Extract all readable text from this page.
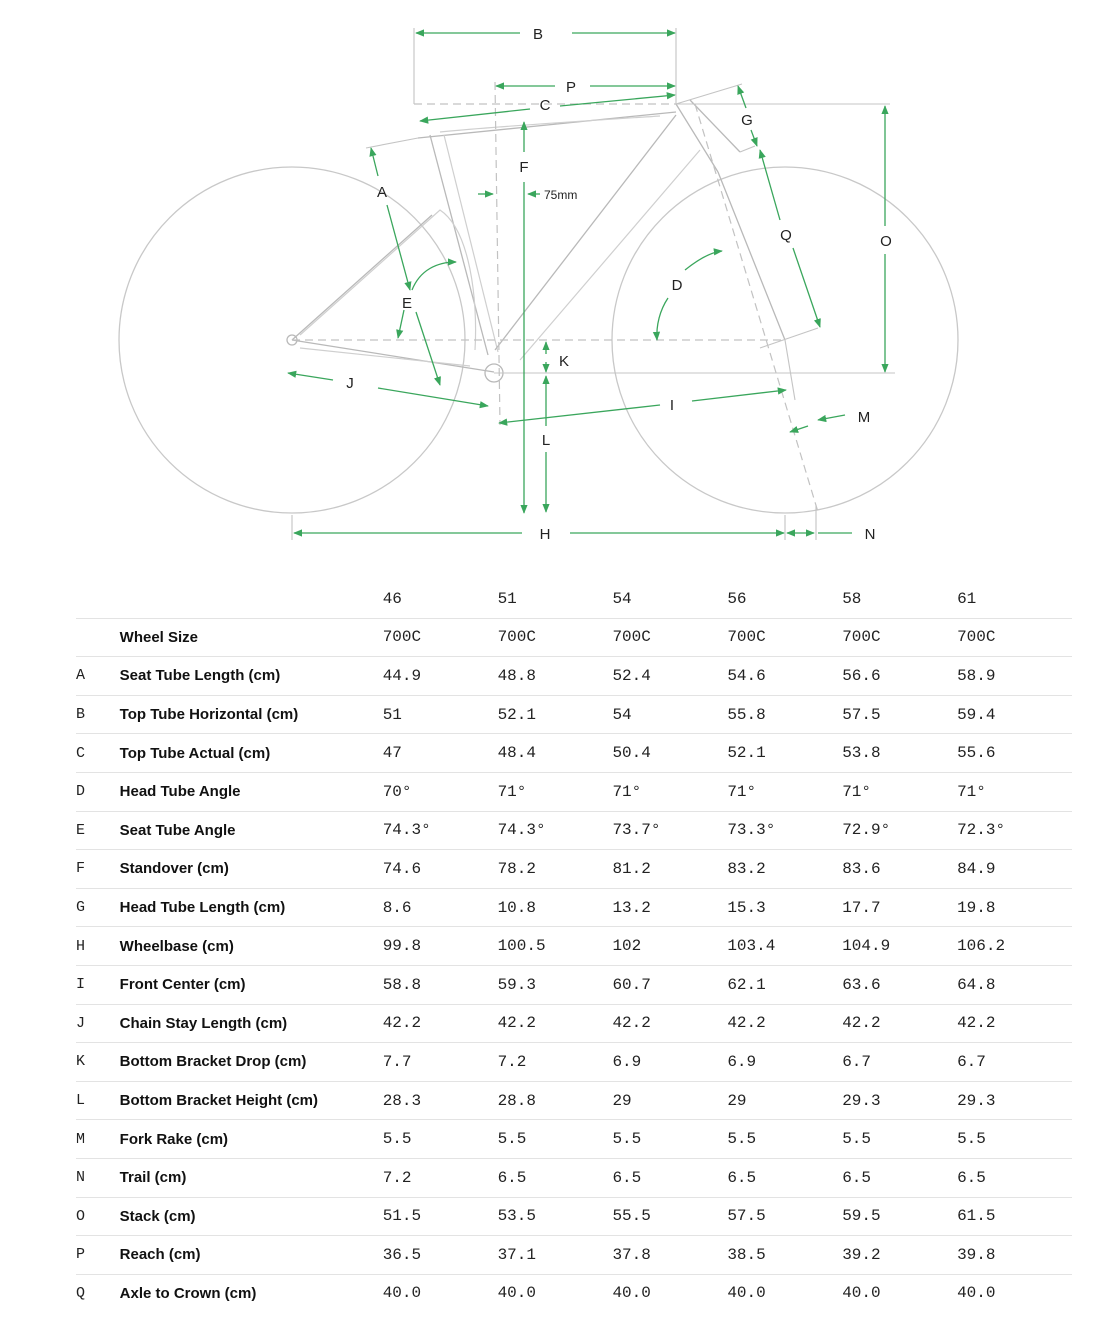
B
P
C
F
75mm
A
E
G
Q	O
D
K
J
I
M
L
H	N
		46	51	54	56	58	61
	Wheel Size	700C	700C	700C	700C	700C	700C
A	Seat Tube Length (cm)	44.9	48.8	52.4	54.6	56.6	58.9
B	Top Tube Horizontal (cm)	51	52.1	54	55.8	57.5	59.4
C	Top Tube Actual (cm)	47	48.4	50.4	52.1	53.8	55.6
D	Head Tube Angle	70°	71°	71°	71°	71°	71°
E	Seat Tube Angle	74.3°	74.3°	73.7°	73.3°	72.9°	72.3°
F	Standover (cm)	74.6	78.2	81.2	83.2	83.6	84.9
G	Head Tube Length (cm)	8.6	10.8	13.2	15.3	17.7	19.8
H	Wheelbase (cm)	99.8	100.5	102	103.4	104.9	106.2
I	Front Center (cm)	58.8	59.3	60.7	62.1	63.6	64.8
J	Chain Stay Length (cm)	42.2	42.2	42.2	42.2	42.2	42.2
K	Bottom Bracket Drop (cm)	7.7	7.2	6.9	6.9	6.7	6.7
L	Bottom Bracket Height (cm)	28.3	28.8	29	29	29.3	29.3
M	Fork Rake (cm)	5.5	5.5	5.5	5.5	5.5	5.5
N	Trail (cm)	7.2	6.5	6.5	6.5	6.5	6.5
O	Stack (cm)	51.5	53.5	55.5	57.5	59.5	61.5
P	Reach (cm)	36.5	37.1	37.8	38.5	39.2	39.8
Q	Axle to Crown (cm)	40.0	40.0	40.0	40.0	40.0	40.0
